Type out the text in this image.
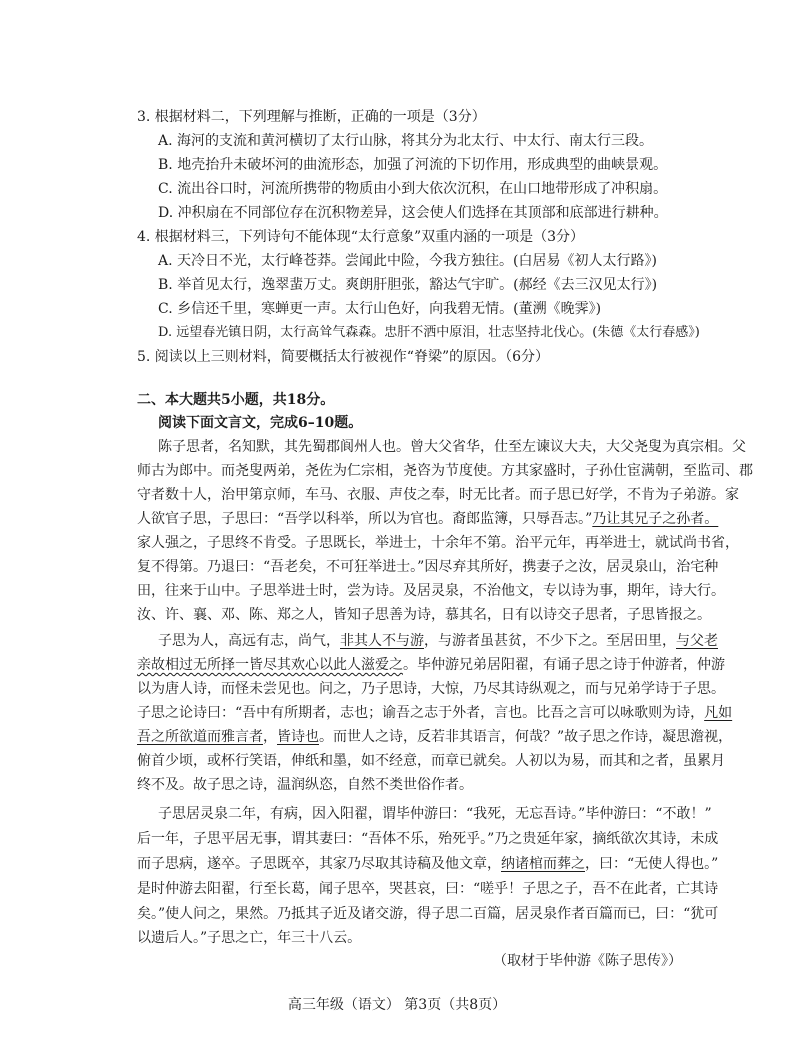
3. 根据材料二，下列理解与推断，正确的一项是（3分）
A. 海河的支流和黄河横切了太行山脉，将其分为北太行、中太行、南太行三段。
B. 地壳抬升未破坏河的曲流形态，加强了河流的下切作用，形成典型的曲峡景观。
C. 流出谷口时，河流所携带的物质由小到大依次沉积，在山口地带形成了冲积扇。
D. 冲积扇在不同部位存在沉积物差异，这会使人们选择在其顶部和底部进行耕种。
4. 根据材料三，下列诗句不能体现“太行意象”双重内涵的一项是（3分）
A. 天冷日不光，太行峰苍莽。尝闻此中险，今我方独往。(白居易《初人太行路》)
B. 举首见太行，逸翠蜚万丈。爽朗肝胆张，豁达气宇旷。(郝经《去三汉见太行》)
C. 乡信还千里，寒蝉更一声。太行山色好，向我碧无情。(董溯《晚霁》)
D. 远望春光镇日阴，太行高耸气森森。忠肝不洒中原泪，壮志坚持北伐心。(朱德《太行春感》)
5. 阅读以上三则材料，简要概括太行被视作“脊梁”的原因。（6分）
二、本大题共5小题，共18分。
阅读下面文言文，完成6–10题。
陈子思者，名知默，其先蜀郡阆州人也。曾大父省华，仕至左谏议大夫，大父尧叟为真宗相。父
师古为郎中。而尧叟两弟，尧佐为仁宗相，尧咨为节度使。方其家盛时，子孙仕宦满朝，至监司、郡
守者数十人，治甲第京师，车马、衣服、声伎之奉，时无比者。而子思已好学，不肯为子弟游。家
人欲官子思，子思曰：“吾学以科举，所以为官也。裔郎监簿，只辱吾志。”乃让其兄子之孙者。
家人强之，子思终不肯受。子思既长，举进士，十余年不第。治平元年，再举进士，就试尚书省，
复不得第。乃退曰：“吾老矣，不可狂举进士。”因尽弃其所好，携妻子之汝，居灵泉山，治宅种
田，往来于山中。子思举进士时，尝为诗。及居灵泉，不治他文，专以诗为事，期年，诗大行。
汝、许、襄、邓、陈、郑之人，皆知子思善为诗，慕其名，日有以诗交子思者，子思皆报之。
子思为人，高远有志，尚气，非其人不与游，与游者虽甚贫，不少下之。至居田里，与父老
亲故相过无所择一皆尽其欢心以此人滋爱之。毕仲游兄弟居阳翟，有诵子思之诗于仲游者，仲游
以为唐人诗，而怪未尝见也。问之，乃子思诗，大惊，乃尽其诗纵观之，而与兄弟学诗于子思。
子思之论诗曰：“吾中有所期者，志也；谕吾之志于外者，言也。比吾之言可以咏歌则为诗，凡如
吾之所欲道而雅言者，皆诗也。而世人之诗，反若非其语言，何哉？”故子思之作诗，凝思澹视，
俯首少顷，或杯行笑语，伸纸和墨，如不经意，而章已就矣。人初以为易，而其和之者，虽累月
终不及。故子思之诗，温润纵恣，自然不类世俗作者。
子思居灵泉二年，有病，因入阳翟，谓毕仲游曰：“我死，无忘吾诗。”毕仲游曰：“不敢！”
后一年，子思平居无事，谓其妻曰：“吾体不乐，殆死乎。”乃之贵延年家，摘纸欲次其诗，未成
而子思病，遂卒。子思既卒，其家乃尽取其诗稿及他文章，纳诸棺而葬之，曰：“无使人得也。”
是时仲游去阳翟，行至长葛，闻子思卒，哭甚哀，曰：“嗟乎！子思之子，吾不在此者，亡其诗
矣。”使人问之，果然。乃抵其子近及诸交游，得子思二百篇，居灵泉作者百篇而已，曰：“犹可
以遗后人。”子思之亡，年三十八云。
（取材于毕仲游《陈子思传》）
高三年级（语文） 第3页（共8页）
